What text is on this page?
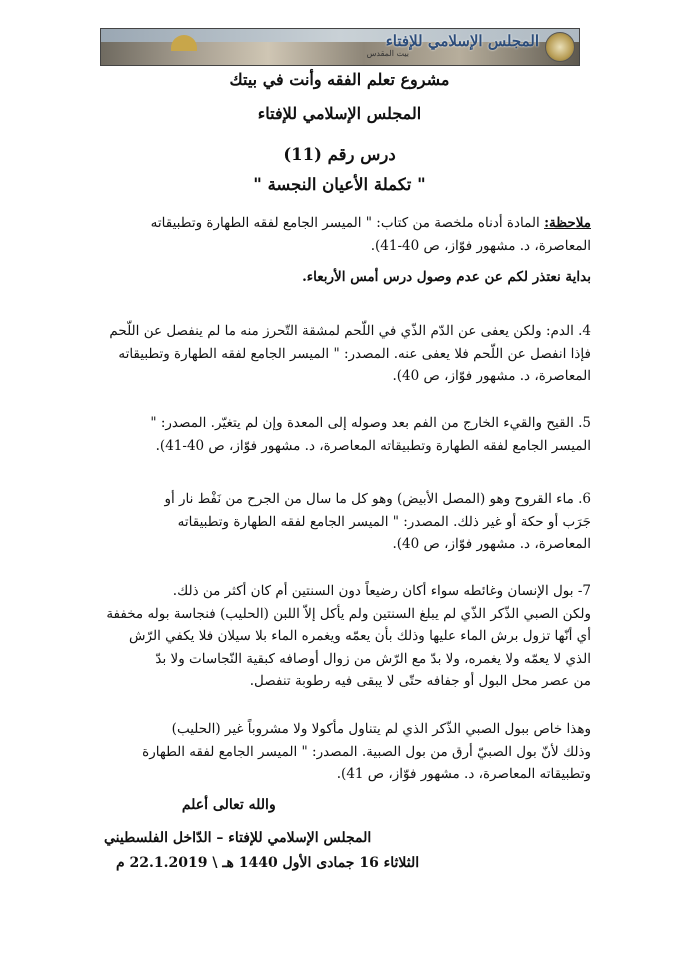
المجلس الإسلامي للإفتاء
بيت المقدس
مشروع تعلم الفقه وأنت في بيتك
المجلس الإسلامي للإفتاء
درس رقم (11)
" تكملة الأعيان النجسة "
ملاحظة: المادة أدناه ملخصة من كتاب: " الميسر الجامع لفقه الطهارة وتطبيقاته
المعاصرة، د. مشهور فوّاز، ص 40-41).
بداية نعتذر لكم عن عدم وصول درس أمس الأربعاء.
4. الدم: ولكن يعفى عن الدّم الذّي في اللّحم لمشقة التّحرز منه ما لم ينفصل عن اللّحم
فإذا انفصل عن اللّحم فلا يعفى عنه. المصدر: " الميسر الجامع لفقه الطهارة وتطبيقاته
المعاصرة، د. مشهور فوّاز، ص 40).
5. القيح والقيء الخارج من الفم بعد وصوله إلى المعدة وإن لم يتغيّر. المصدر: "
الميسر الجامع لفقه الطهارة وتطبيقاته المعاصرة، د. مشهور فوّاز، ص 40-41).
6. ماء القروح وهو (المصل الأبيض) وهو كل ما سال من الجرح من نَفْط نار أو
جَرَب أو حكة أو غير ذلك. المصدر: " الميسر الجامع لفقه الطهارة وتطبيقاته
المعاصرة، د. مشهور فوّاز، ص 40).
7- بول الإنسان وغائطه سواء أكان رضيعاً دون السنتين أم كان أكثر من ذلك.
ولكن الصبي الذّكر الذّي لم يبلغ السنتين ولم يأكل إلاّ اللبن (الحليب) فنجاسة بوله مخففة
أي أنّها تزول برش الماء عليها وذلك بأن يعمّه ويغمره الماء بلا سيلان فلا يكفي الرّش
الذي لا يعمّه ولا يغمره، ولا بدّ مع الرّش من زوال أوصافه كبقية النّجاسات ولا بدّ
من عصر محل البول أو جفافه حتّى لا يبقى فيه رطوبة تنفصل.
وهذا خاص ببول الصبي الذّكر الذي لم يتناول مأكولا ولا مشروباً غير (الحليب)
وذلك لأنّ بول الصبيّ أرق من بول الصبية. المصدر: " الميسر الجامع لفقه الطهارة
وتطبيقاته المعاصرة، د. مشهور فوّاز، ص 41).
والله تعالى أعلم
المجلس الإسلامي للإفتاء – الدّاخل الفلسطيني
الثلاثاء 16 جمادى الأول 1440 هـ \ 22.1.2019 م
